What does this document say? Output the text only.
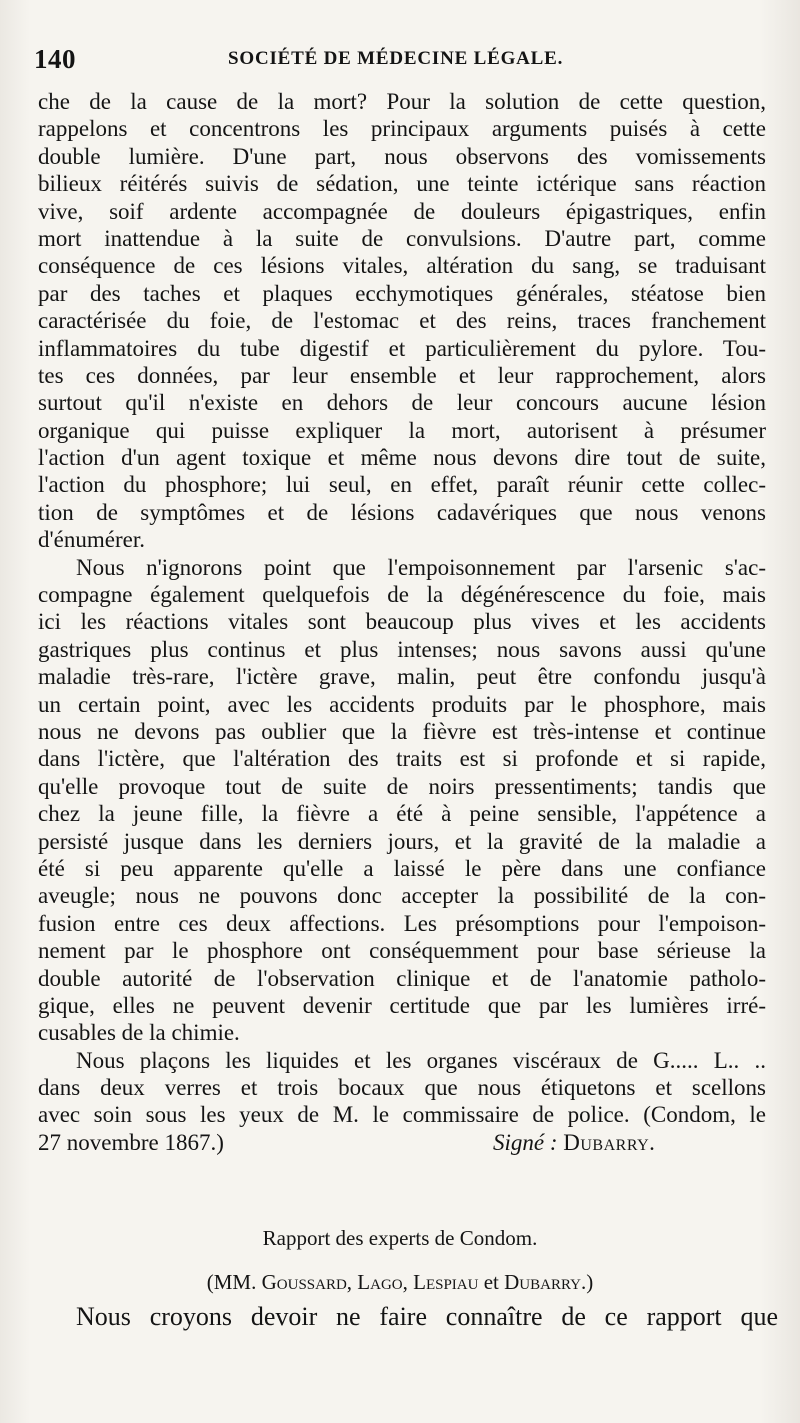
140	SOCIÉTÉ DE MÉDECINE LÉGALE.
che de la cause de la mort? Pour la solution de cette question,
rappelons et concentrons les principaux arguments puisés à cette
double lumière. D'une part, nous observons des vomissements
bilieux réitérés suivis de sédation, une teinte ictérique sans réaction
vive, soif ardente accompagnée de douleurs épigastriques, enfin
mort inattendue à la suite de convulsions. D'autre part, comme
conséquence de ces lésions vitales, altération du sang, se traduisant
par des taches et plaques ecchymotiques générales, stéatose bien
caractérisée du foie, de l'estomac et des reins, traces franchement
inflammatoires du tube digestif et particulièrement du pylore. Tou-
tes ces données, par leur ensemble et leur rapprochement, alors
surtout qu'il n'existe en dehors de leur concours aucune lésion
organique qui puisse expliquer la mort, autorisent à présumer
l'action d'un agent toxique et même nous devons dire tout de suite,
l'action du phosphore; lui seul, en effet, paraît réunir cette collec-
tion de symptômes et de lésions cadavériques que nous venons
d'énumérer.
Nous n'ignorons point que l'empoisonnement par l'arsenic s'ac-
compagne également quelquefois de la dégénérescence du foie, mais
ici les réactions vitales sont beaucoup plus vives et les accidents
gastriques plus continus et plus intenses; nous savons aussi qu'une
maladie très-rare, l'ictère grave, malin, peut être confondu jusqu'à
un certain point, avec les accidents produits par le phosphore, mais
nous ne devons pas oublier que la fièvre est très-intense et continue
dans l'ictère, que l'altération des traits est si profonde et si rapide,
qu'elle provoque tout de suite de noirs pressentiments; tandis que
chez la jeune fille, la fièvre a été à peine sensible, l'appétence a
persisté jusque dans les derniers jours, et la gravité de la maladie a
été si peu apparente qu'elle a laissé le père dans une confiance
aveugle; nous ne pouvons donc accepter la possibilité de la con-
fusion entre ces deux affections. Les présomptions pour l'empoison-
nement par le phosphore ont conséquemment pour base sérieuse la
double autorité de l'observation clinique et de l'anatomie patholo-
gique, elles ne peuvent devenir certitude que par les lumières irré-
cusables de la chimie.
Nous plaçons les liquides et les organes viscéraux de G..... L.. ..
dans deux verres et trois bocaux que nous étiquetons et scellons
avec soin sous les yeux de M. le commissaire de police. (Condom, le
27 novembre 1867.)	Signé : Dubarry.
Rapport des experts de Condom.
(MM. Goussard, Lago, Lespiau et Dubarry.)
Nous croyons devoir ne faire connaître de ce rapport que
